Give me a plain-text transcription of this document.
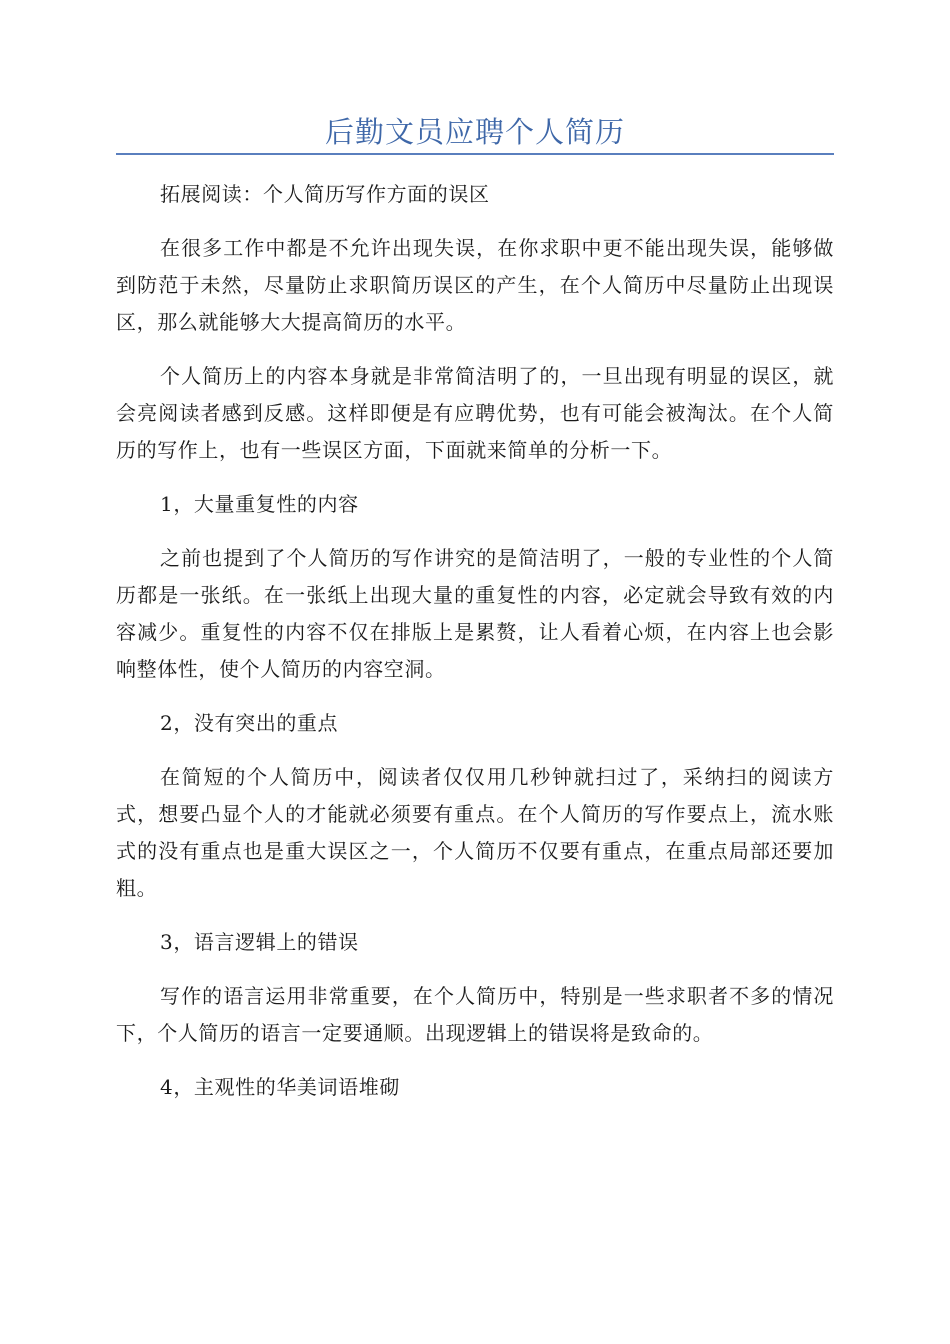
后勤文员应聘个人简历

拓展阅读：个人简历写作方面的误区

在很多工作中都是不允许出现失误，在你求职中更不能出现失误，能够做到防范于未然，尽量防止求职简历误区的产生，在个人简历中尽量防止出现误区，那么就能够大大提高简历的水平。

个人简历上的内容本身就是非常简洁明了的，一旦出现有明显的误区，就会亮阅读者感到反感。这样即便是有应聘优势，也有可能会被淘汰。在个人简历的写作上，也有一些误区方面，下面就来简单的分析一下。

1，大量重复性的内容

之前也提到了个人简历的写作讲究的是简洁明了，一般的专业性的个人简历都是一张纸。在一张纸上出现大量的重复性的内容，必定就会导致有效的内容减少。重复性的内容不仅在排版上是累赘，让人看着心烦，在内容上也会影响整体性，使个人简历的内容空洞。

2，没有突出的重点

在简短的个人简历中，阅读者仅仅用几秒钟就扫过了，采纳扫的阅读方式，想要凸显个人的才能就必须要有重点。在个人简历的写作要点上，流水账式的没有重点也是重大误区之一，个人简历不仅要有重点，在重点局部还要加粗。

3，语言逻辑上的错误

写作的语言运用非常重要，在个人简历中，特别是一些求职者不多的情况下，个人简历的语言一定要通顺。出现逻辑上的错误将是致命的。

4，主观性的华美词语堆砌
